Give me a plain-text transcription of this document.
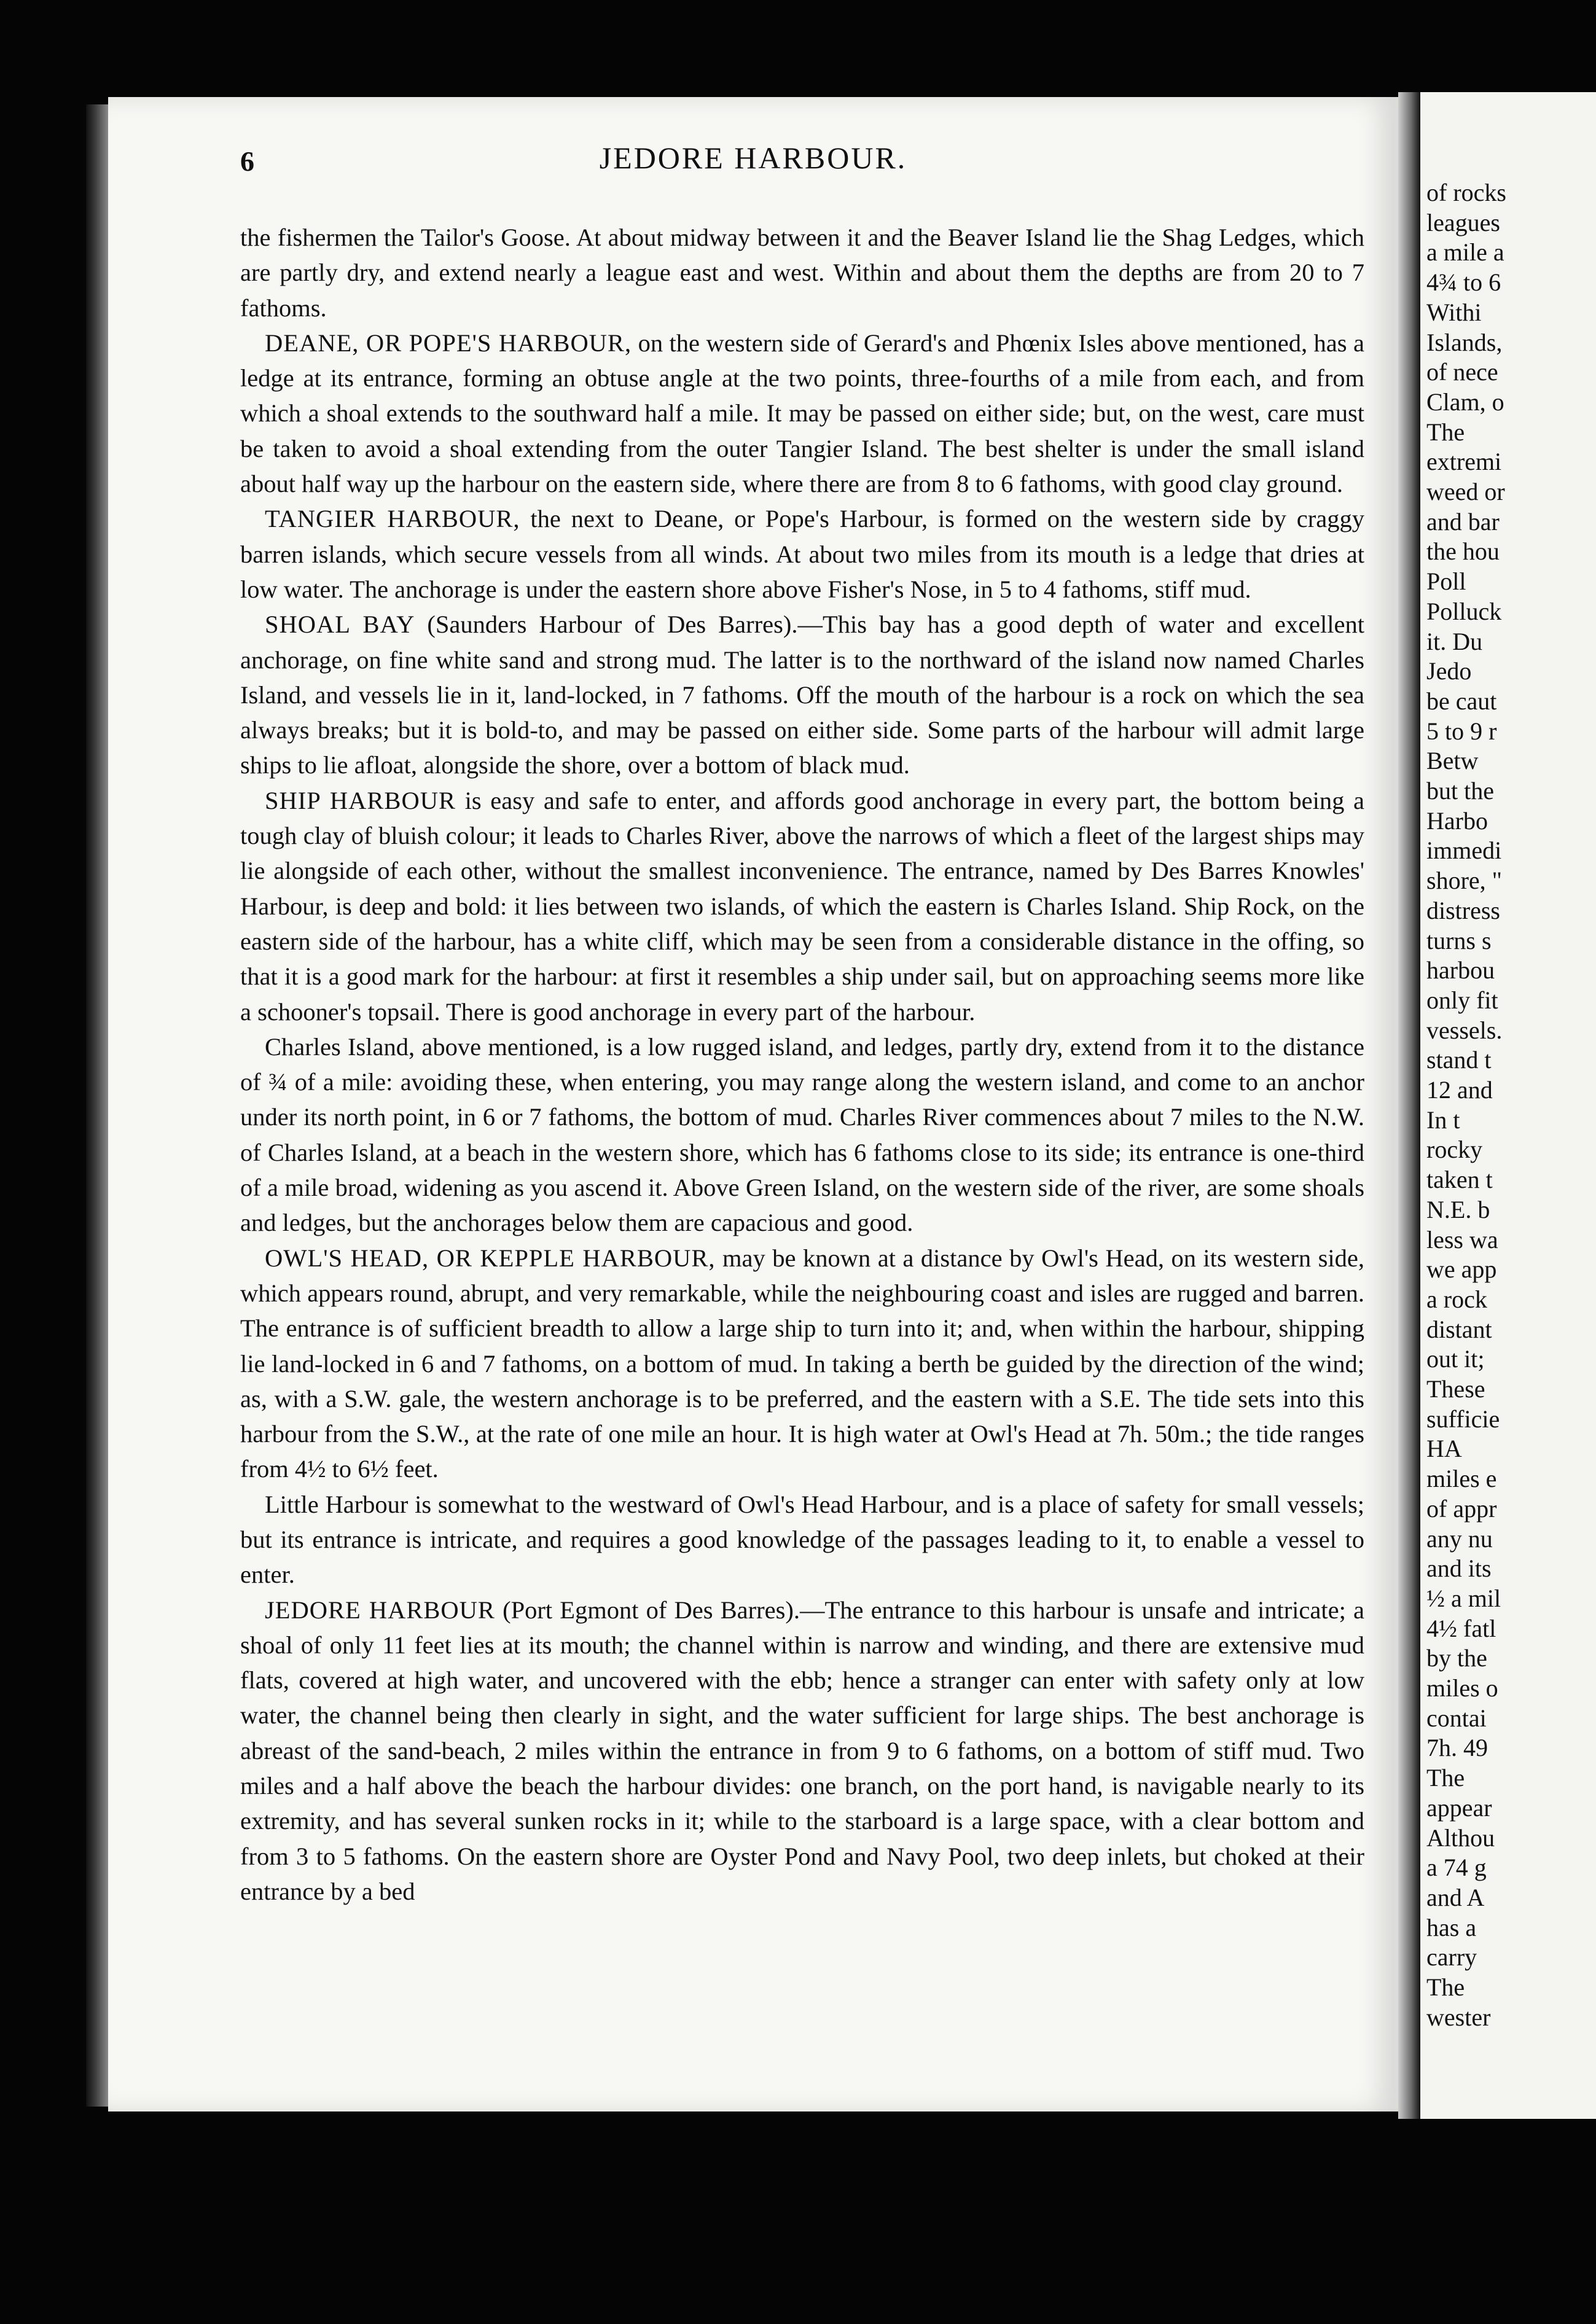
6	JEDORE HARBOUR.

the fishermen the Tailor's Goose. At about midway between it and the Beaver Island lie the Shag Ledges, which are partly dry, and extend nearly a league east and west. Within and about them the depths are from 20 to 7 fathoms.

DEANE, OR POPE'S HARBOUR, on the western side of Gerard's and Phœnix Isles above mentioned, has a ledge at its entrance, forming an obtuse angle at the two points, three-fourths of a mile from each, and from which a shoal extends to the southward half a mile. It may be passed on either side; but, on the west, care must be taken to avoid a shoal extending from the outer Tangier Island. The best shelter is under the small island about half way up the harbour on the eastern side, where there are from 8 to 6 fathoms, with good clay ground.

TANGIER HARBOUR, the next to Deane, or Pope's Harbour, is formed on the western side by craggy barren islands, which secure vessels from all winds. At about two miles from its mouth is a ledge that dries at low water. The anchorage is under the eastern shore above Fisher's Nose, in 5 to 4 fathoms, stiff mud.

SHOAL BAY (Saunders Harbour of Des Barres).—This bay has a good depth of water and excellent anchorage, on fine white sand and strong mud. The latter is to the northward of the island now named Charles Island, and vessels lie in it, land-locked, in 7 fathoms. Off the mouth of the harbour is a rock on which the sea always breaks; but it is bold-to, and may be passed on either side. Some parts of the harbour will admit large ships to lie afloat, alongside the shore, over a bottom of black mud.

SHIP HARBOUR is easy and safe to enter, and affords good anchorage in every part, the bottom being a tough clay of bluish colour; it leads to Charles River, above the narrows of which a fleet of the largest ships may lie alongside of each other, without the smallest inconvenience. The entrance, named by Des Barres Knowles' Harbour, is deep and bold: it lies between two islands, of which the eastern is Charles Island. Ship Rock, on the eastern side of the harbour, has a white cliff, which may be seen from a considerable distance in the offing, so that it is a good mark for the harbour: at first it resembles a ship under sail, but on approaching seems more like a schooner's topsail. There is good anchorage in every part of the harbour.

Charles Island, above mentioned, is a low rugged island, and ledges, partly dry, extend from it to the distance of ¾ of a mile: avoiding these, when entering, you may range along the western island, and come to an anchor under its north point, in 6 or 7 fathoms, the bottom of mud. Charles River commences about 7 miles to the N.W. of Charles Island, at a beach in the western shore, which has 6 fathoms close to its side; its entrance is one-third of a mile broad, widening as you ascend it. Above Green Island, on the western side of the river, are some shoals and ledges, but the anchorages below them are capacious and good.

OWL'S HEAD, OR KEPPLE HARBOUR, may be known at a distance by Owl's Head, on its western side, which appears round, abrupt, and very remarkable, while the neighbouring coast and isles are rugged and barren. The entrance is of sufficient breadth to allow a large ship to turn into it; and, when within the harbour, shipping lie land-locked in 6 and 7 fathoms, on a bottom of mud. In taking a berth be guided by the direction of the wind; as, with a S.W. gale, the western anchorage is to be preferred, and the eastern with a S.E. The tide sets into this harbour from the S.W., at the rate of one mile an hour. It is high water at Owl's Head at 7h. 50m.; the tide ranges from 4½ to 6½ feet.

Little Harbour is somewhat to the westward of Owl's Head Harbour, and is a place of safety for small vessels; but its entrance is intricate, and requires a good knowledge of the passages leading to it, to enable a vessel to enter.

JEDORE HARBOUR (Port Egmont of Des Barres).—The entrance to this harbour is unsafe and intricate; a shoal of only 11 feet lies at its mouth; the channel within is narrow and winding, and there are extensive mud flats, covered at high water, and uncovered with the ebb; hence a stranger can enter with safety only at low water, the channel being then clearly in sight, and the water sufficient for large ships. The best anchorage is abreast of the sand-beach, 2 miles within the entrance in from 9 to 6 fathoms, on a bottom of stiff mud. Two miles and a half above the beach the harbour divides: one branch, on the port hand, is navigable nearly to its extremity, and has several sunken rocks in it; while to the starboard is a large space, with a clear bottom and from 3 to 5 fathoms. On the eastern shore are Oyster Pond and Navy Pool, two deep inlets, but choked at their entrance by a bed

of rocks
leagues
a mile a
4¾ to 6
Withi
Islands,
of nece
Clam, o
The
extremi
weed or
and bar
the hou
Poll
Polluck
it. Du
Jedo
be caut
5 to 9 r
Betw
but the
Harbo
immedi
shore, "
distress
turns s
harbou
only fit
vessels.
stand t
12 and
In t
rocky
taken t
N.E. b
less wa
we app
a rock
distant
out it;
These
sufficie
HA
miles e
of appr
any nu
and its
½ a mil
4½ fatl
by the
miles o
contai
7h. 49
The
appear
Althou
a 74 g
and A
has a
carry
The
wester
